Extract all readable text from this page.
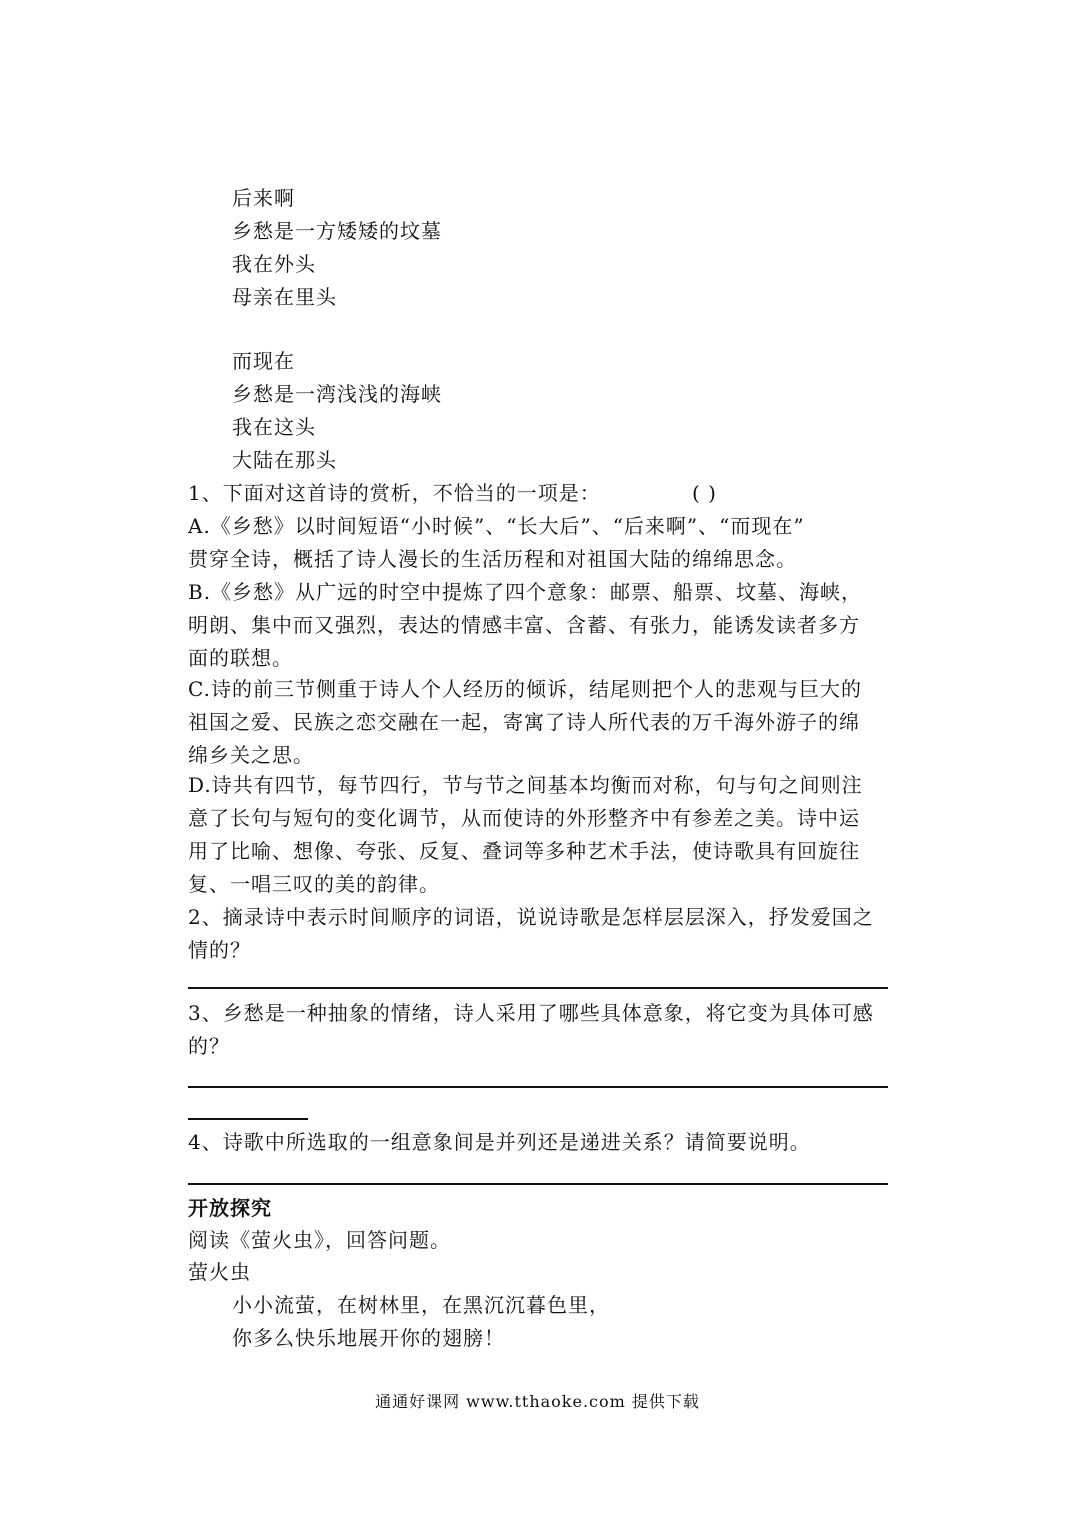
后来啊
乡愁是一方矮矮的坟墓
我在外头
母亲在里头
而现在
乡愁是一湾浅浅的海峡
我在这头
大陆在那头
1、下面对这首诗的赏析，不恰当的一项是：	( )
A.《乡愁》以时间短语“小时候”、“长大后”、“后来啊”、“而现在”
贯穿全诗，概括了诗人漫长的生活历程和对祖国大陆的绵绵思念。
B.《乡愁》从广远的时空中提炼了四个意象：邮票、船票、坟墓、海峡，
明朗、集中而又强烈，表达的情感丰富、含蓄、有张力，能诱发读者多方
面的联想。
C.诗的前三节侧重于诗人个人经历的倾诉，结尾则把个人的悲观与巨大的
祖国之爱、民族之恋交融在一起，寄寓了诗人所代表的万千海外游子的绵
绵乡关之思。
D.诗共有四节，每节四行，节与节之间基本均衡而对称，句与句之间则注
意了长句与短句的变化调节，从而使诗的外形整齐中有参差之美。诗中运
用了比喻、想像、夸张、反复、叠词等多种艺术手法，使诗歌具有回旋往
复、一唱三叹的美的韵律。
2、摘录诗中表示时间顺序的词语，说说诗歌是怎样层层深入，抒发爱国之
情的？
3、乡愁是一种抽象的情绪，诗人采用了哪些具体意象，将它变为具体可感
的？
4、诗歌中所选取的一组意象间是并列还是递进关系？请简要说明。
开放探究
阅读《萤火虫》，回答问题。
萤火虫
小小流萤，在树林里，在黑沉沉暮色里，
你多么快乐地展开你的翅膀！
通通好课网 www.tthaoke.com 提供下载
